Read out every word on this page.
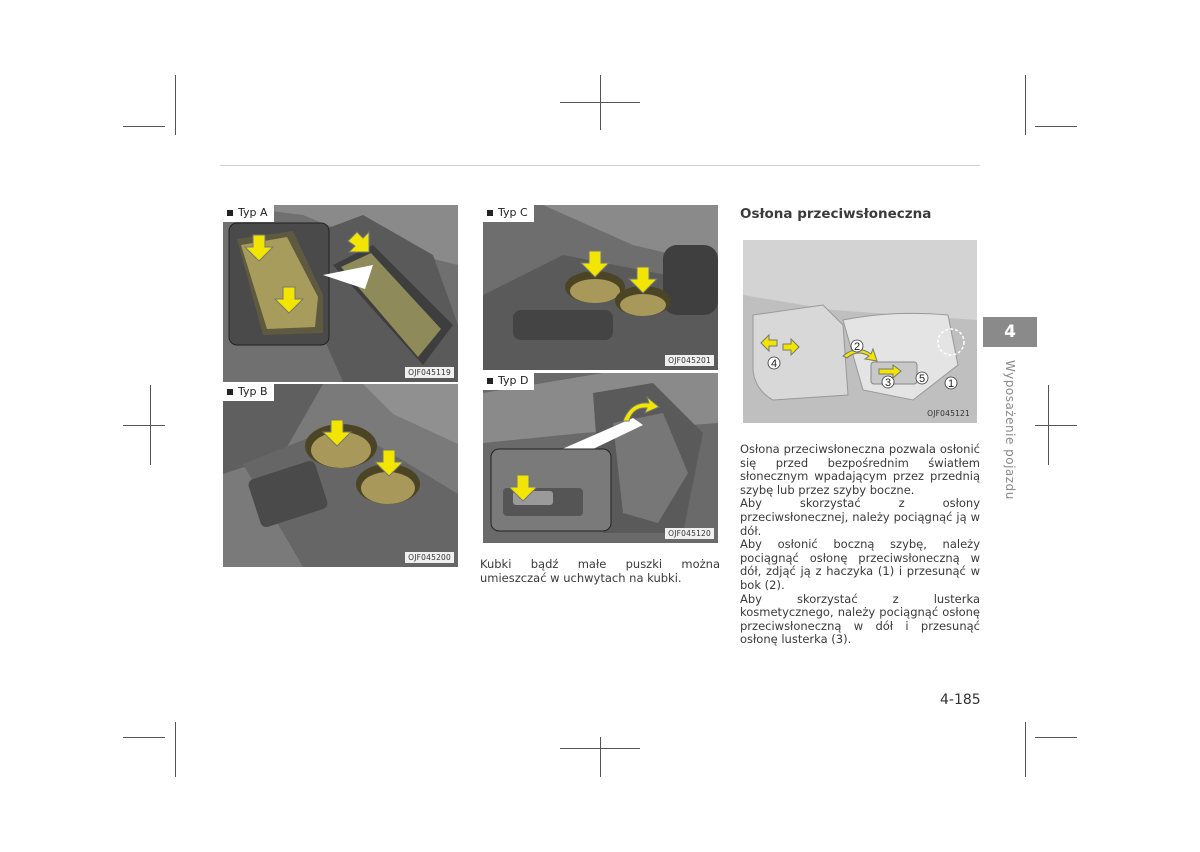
Typ A
OJF045119
Typ B
OJF045200
Typ C
OJF045201
Typ D
OJF045120
Kubki bądź małe puszki można umieszczać w uchwytach na kubki.
Osłona przeciwsłoneczna
2
4
3	5 1
OJF045121

Osłona przeciwsłoneczna pozwala osłonić się przed bezpośrednim światłem słonecznym wpadającym przez przednią szybę lub przez szyby boczne.

Aby skorzystać z osłony przeciwsłonecznej, należy pociągnąć ją w dół.

Aby osłonić boczną szybę, należy pociągnąć osłonę przeciwsłoneczną w dół, zdjąć ją z haczyka (1) i przesunąć w bok (2).

Aby skorzystać z lusterka kosmetycznego, należy pociągnąć osłonę przeciwsłoneczną w dół i przesunąć osłonę lusterka (3).

4
Wyposażenie pojazdu
4-185
